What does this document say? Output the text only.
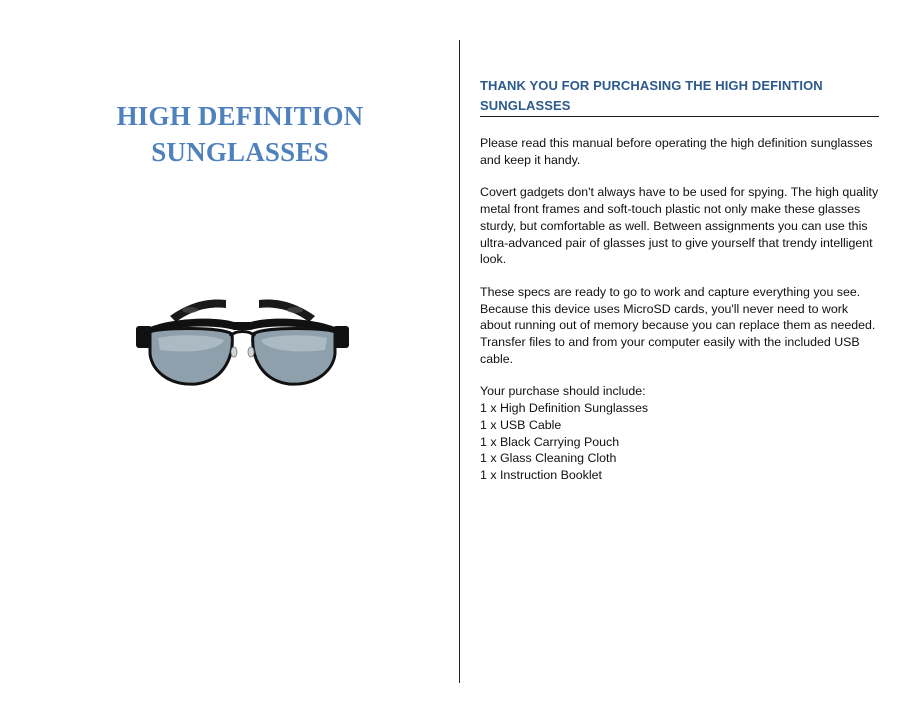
HIGH DEFINITION
SUNGLASSES
THANK YOU FOR PURCHASING THE HIGH DEFINTION
SUNGLASSES

Please read this manual before operating the high definition sunglasses and keep it handy.

Covert gadgets don't always have to be used for spying. The high quality metal front frames and soft-touch plastic not only make these glasses sturdy, but comfortable as well. Between assignments you can use this ultra-advanced pair of glasses just to give yourself that trendy intelligent look.

These specs are ready to go to work and capture everything you see. Because this device uses MicroSD cards, you'll never need to work about running out of memory because you can replace them as needed. Transfer files to and from your computer easily with the included USB cable.

Your purchase should include:

1 x High Definition Sunglasses
1 x USB Cable
1 x Black Carrying Pouch
1 x Glass Cleaning Cloth
1 x Instruction Booklet
